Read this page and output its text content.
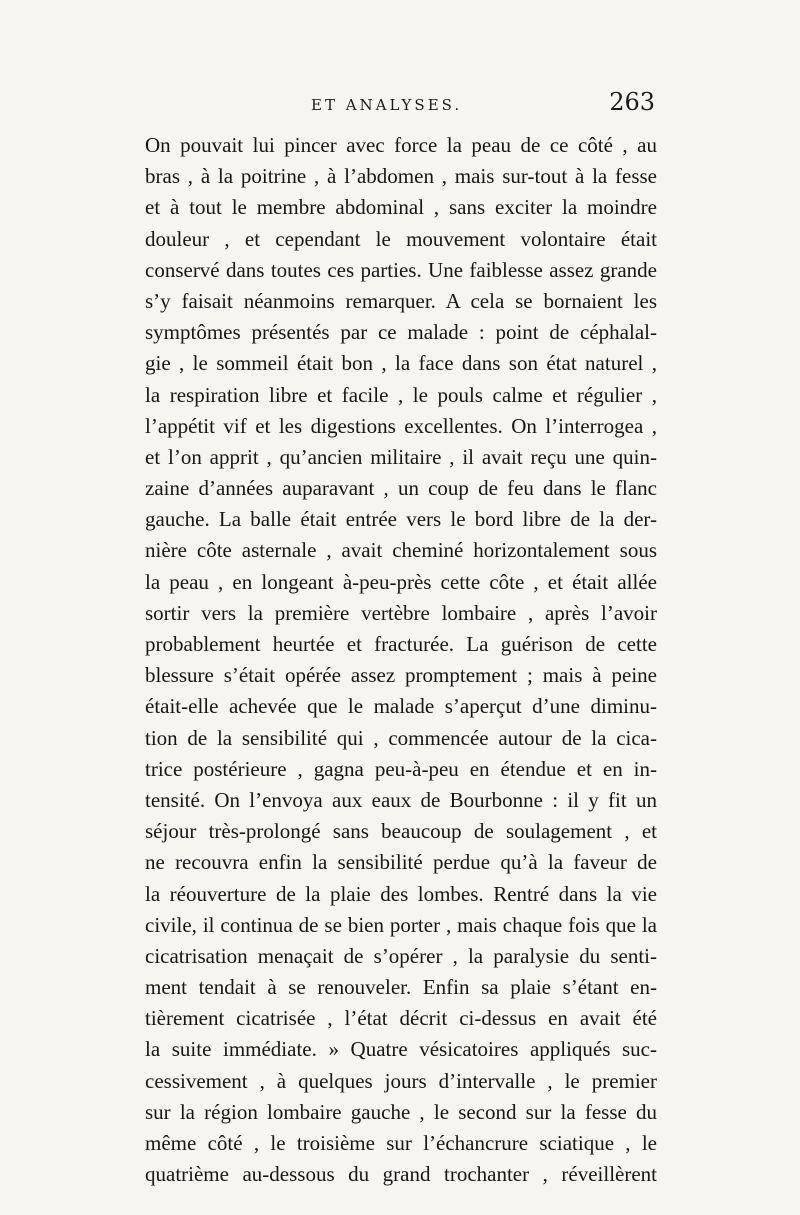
ET ANALYSES.	263
On pouvait lui pincer avec force la peau de ce côté , au
bras , à la poitrine , à l’abdomen , mais sur-tout à la fesse
et à tout le membre abdominal , sans exciter la moindre
douleur , et cependant le mouvement volontaire était
conservé dans toutes ces parties. Une faiblesse assez grande
s’y faisait néanmoins remarquer. A cela se bornaient les
symptômes présentés par ce malade : point de céphalal-
gie , le sommeil était bon , la face dans son état naturel ,
la respiration libre et facile , le pouls calme et régulier ,
l’appétit vif et les digestions excellentes. On l’interrogea ,
et l’on apprit , qu’ancien militaire , il avait reçu une quin-
zaine d’années auparavant , un coup de feu dans le flanc
gauche. La balle était entrée vers le bord libre de la der-
nière côte asternale , avait cheminé horizontalement sous
la peau , en longeant à-peu-près cette côte , et était allée
sortir vers la première vertèbre lombaire , après l’avoir
probablement heurtée et fracturée. La guérison de cette
blessure s’était opérée assez promptement ; mais à peine
était-elle achevée que le malade s’aperçut d’une diminu-
tion de la sensibilité qui , commencée autour de la cica-
trice postérieure , gagna peu-à-peu en étendue et en in-
tensité. On l’envoya aux eaux de Bourbonne : il y fit un
séjour très-prolongé sans beaucoup de soulagement , et
ne recouvra enfin la sensibilité perdue qu’à la faveur de
la réouverture de la plaie des lombes. Rentré dans la vie
civile, il continua de se bien porter , mais chaque fois que la
cicatrisation menaçait de s’opérer , la paralysie du senti-
ment tendait à se renouveler. Enfin sa plaie s’étant en-
tièrement cicatrisée , l’état décrit ci-dessus en avait été
la suite immédiate. » Quatre vésicatoires appliqués suc-
cessivement , à quelques jours d’intervalle , le premier
sur la région lombaire gauche , le second sur la fesse du
même côté , le troisième sur l’échancrure sciatique , le
quatrième au-dessous du grand trochanter , réveillèrent
